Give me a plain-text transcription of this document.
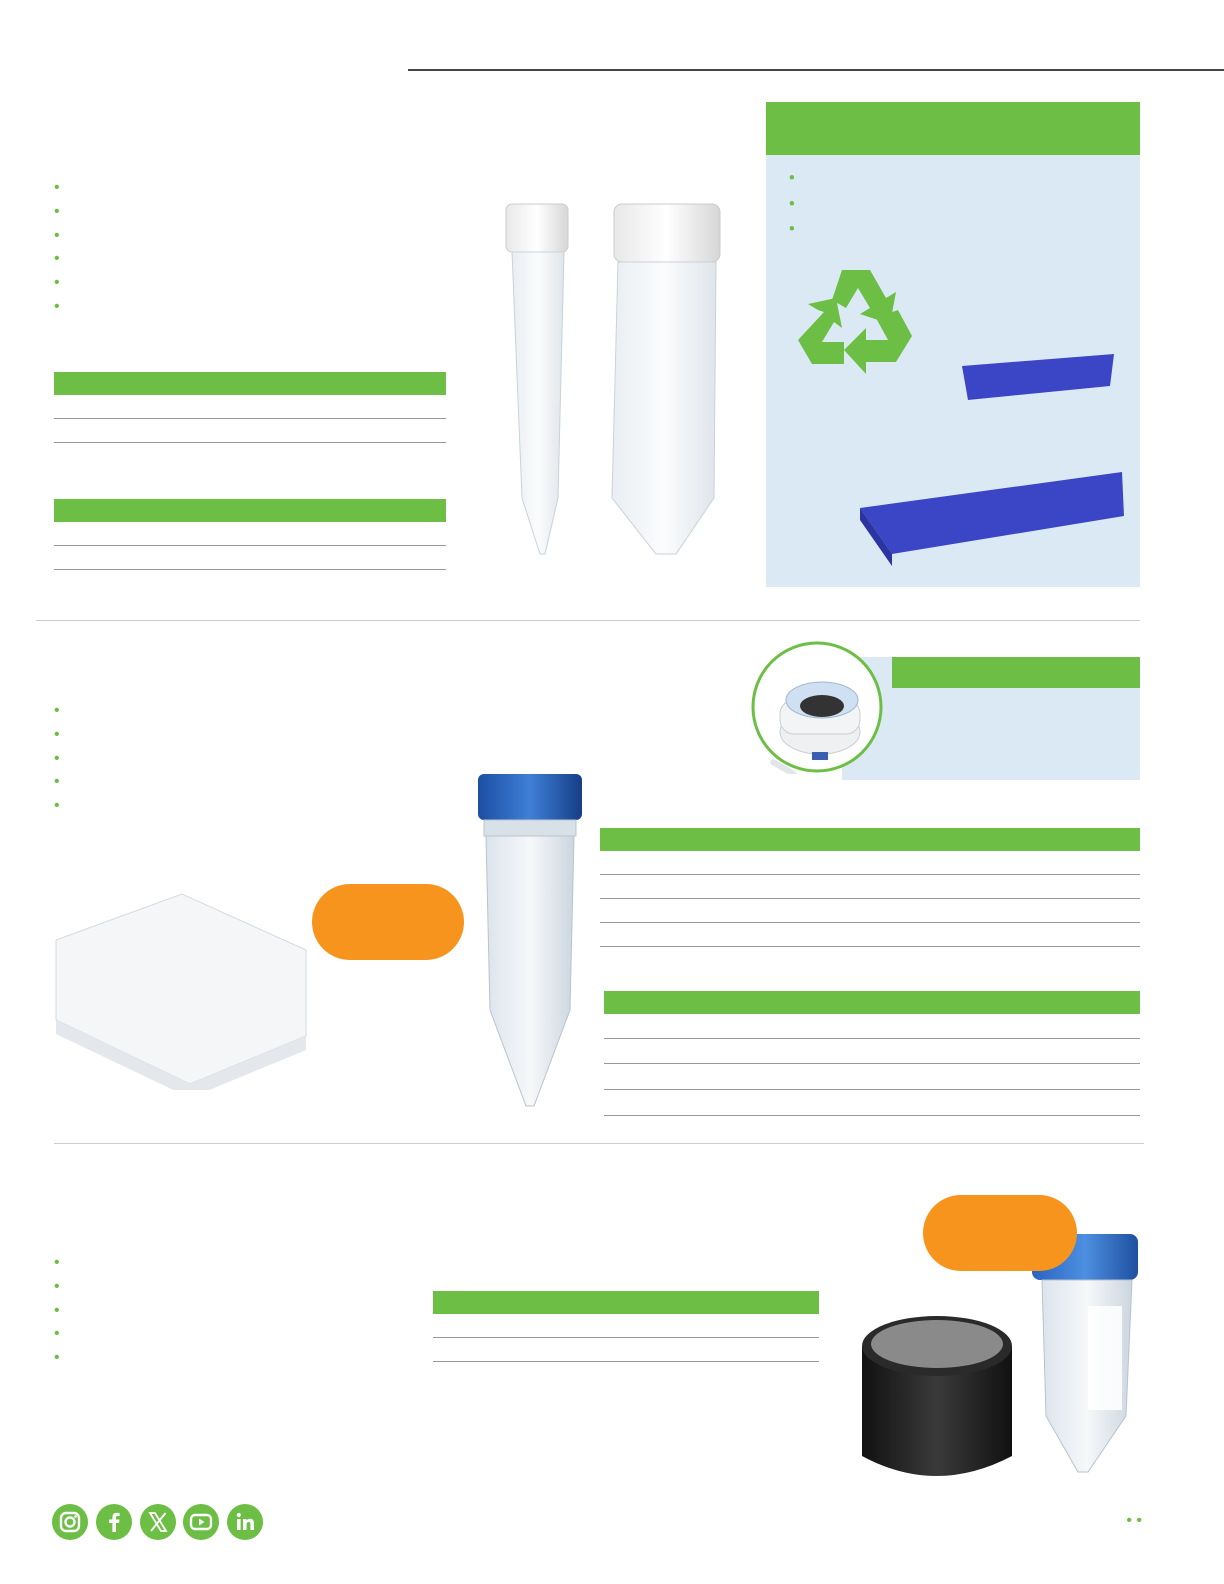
•
•
•
•
•
•

•
•
•
•
•
•
•
•

•
•
•
•
•

• •
